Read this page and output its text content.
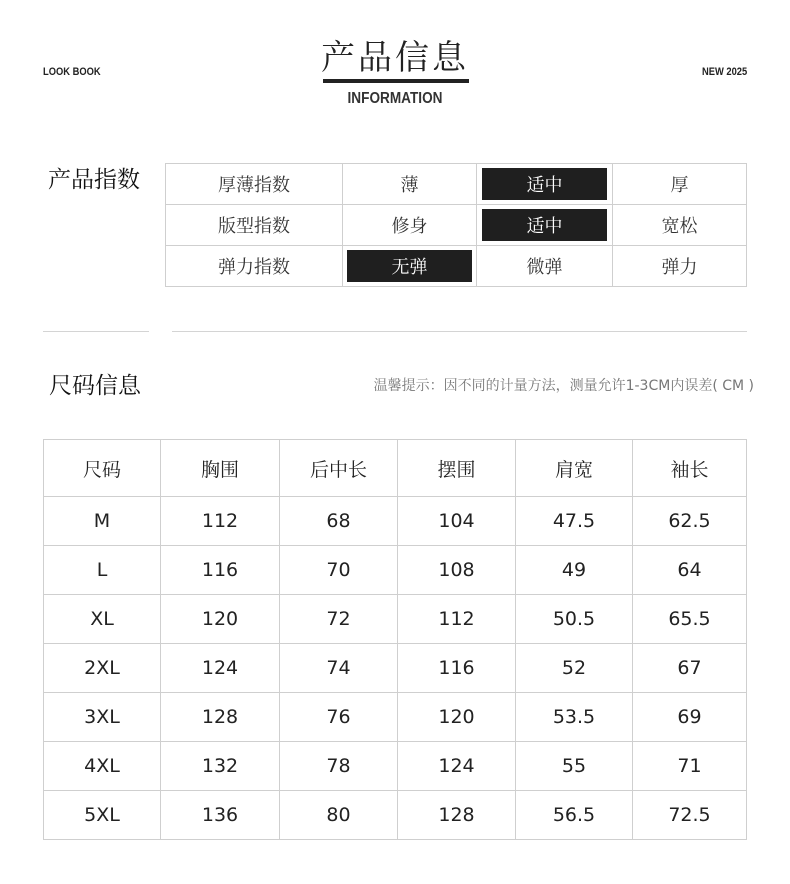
LOOK BOOK	NEW 2025
产品信息
INFORMATION
产品指数	厚薄指数	薄	适中	厚

版型指数	修身	适中	宽松

弹力指数	无弹	微弹	弹力
尺码信息	温馨提示：因不同的计量方法，测量允许1-3CM内误差( CM )
尺码	胸围	后中长	摆围	肩宽	袖长
M	112	68	104	47.5	62.5
L	116	70	108	49	64
XL	120	72	112	50.5	65.5
2XL	124	74	116	52	67
3XL	128	76	120	53.5	69
4XL	132	78	124	55	71
5XL	136	80	128	56.5	72.5
